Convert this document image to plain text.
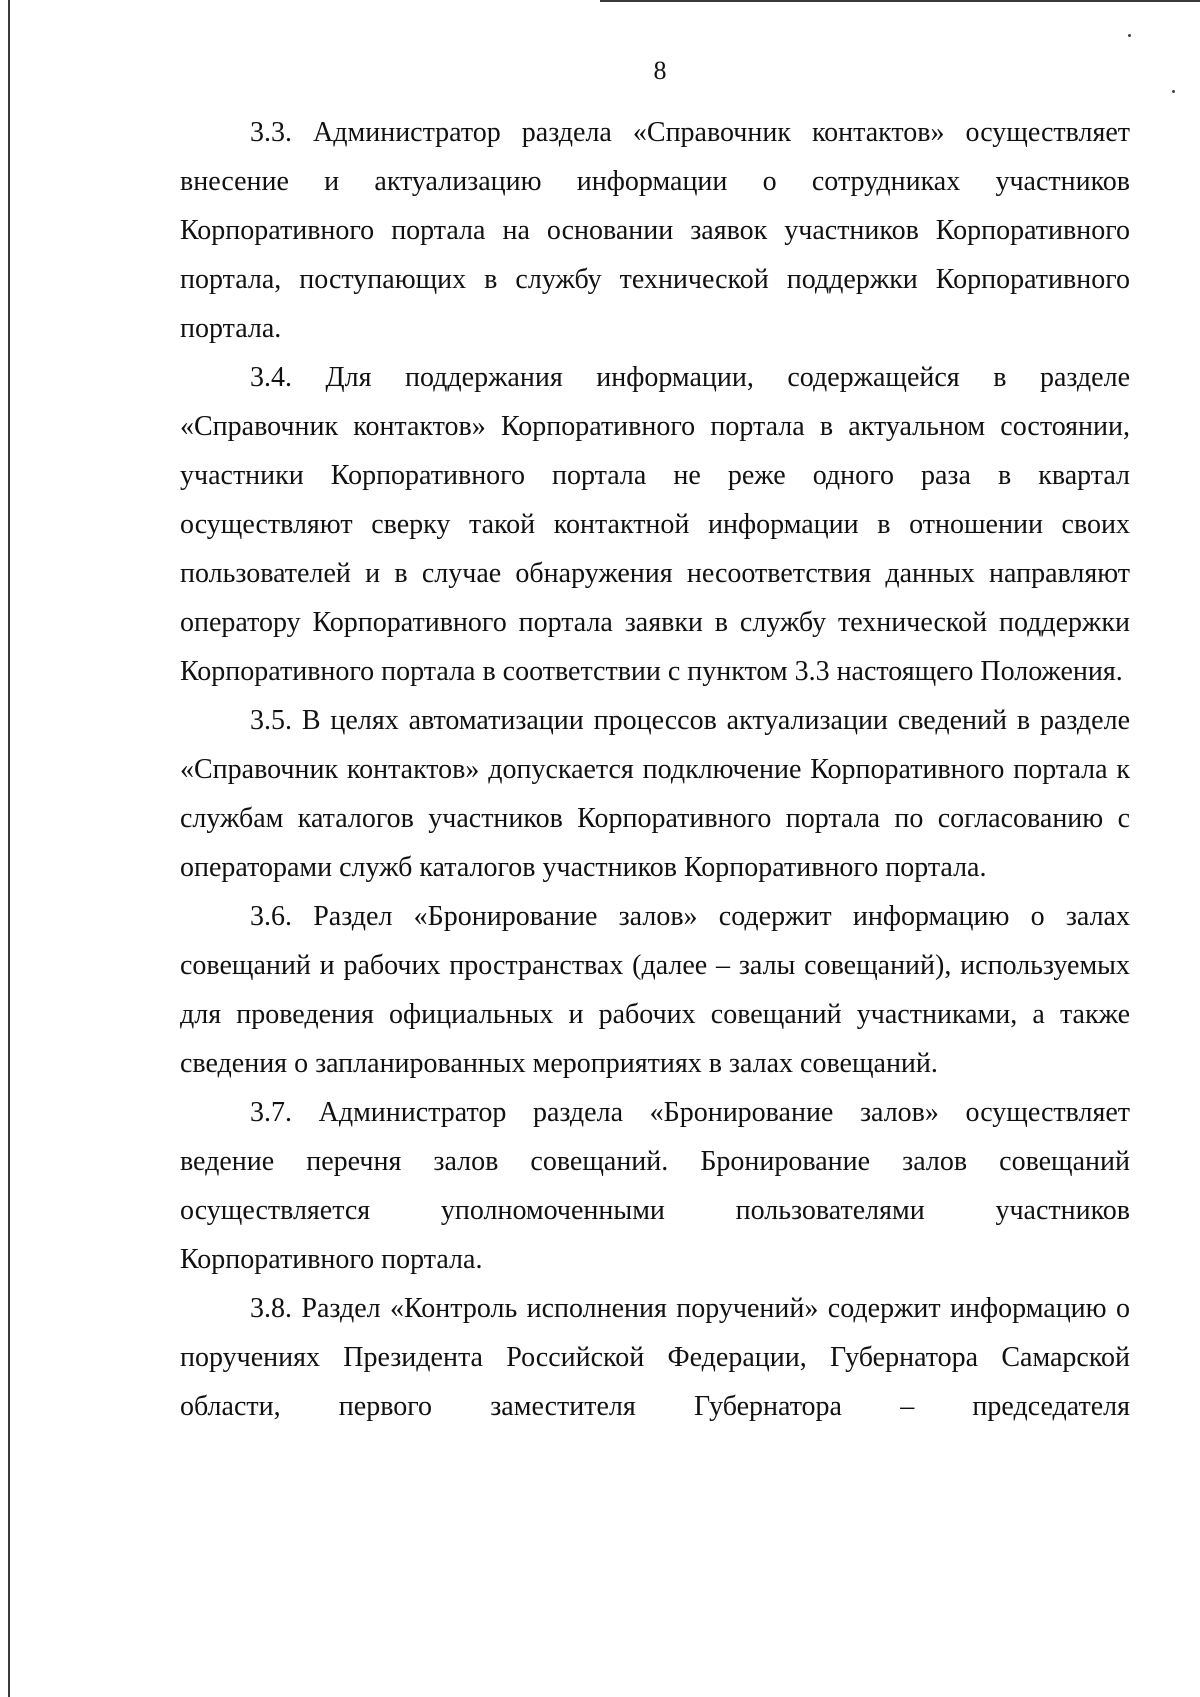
8

3.3. Администратор раздела «Справочник контактов» осуществляет внесение и актуализацию информации о сотрудниках участников Корпоративного портала на основании заявок участников Корпоративного портала, поступающих в службу технической поддержки Корпоративного портала.

3.4. Для поддержания информации, содержащейся в разделе «Справочник контактов» Корпоративного портала в актуальном состоянии, участники Корпоративного портала не реже одного раза в квартал осуществляют сверку такой контактной информации в отношении своих пользователей и в случае обнаружения несоответствия данных направляют оператору Корпоративного портала заявки в службу технической поддержки Корпоративного портала в соответствии с пунктом 3.3 настоящего Положения.

3.5. В целях автоматизации процессов актуализации сведений в разделе «Справочник контактов» допускается подключение Корпоративного портала к службам каталогов участников Корпоративного портала по согласованию с операторами служб каталогов участников Корпоративного портала.

3.6. Раздел «Бронирование залов» содержит информацию о залах совещаний и рабочих пространствах (далее – залы совещаний), используемых для проведения официальных и рабочих совещаний участниками, а также сведения о запланированных мероприятиях в залах совещаний.

3.7. Администратор раздела «Бронирование залов» осуществляет ведение перечня залов совещаний. Бронирование залов совещаний осуществляется уполномоченными пользователями участников Корпоративного портала.

3.8. Раздел «Контроль исполнения поручений» содержит информацию о поручениях Президента Российской Федерации, Губернатора Самарской области, первого заместителя Губернатора – председателя
